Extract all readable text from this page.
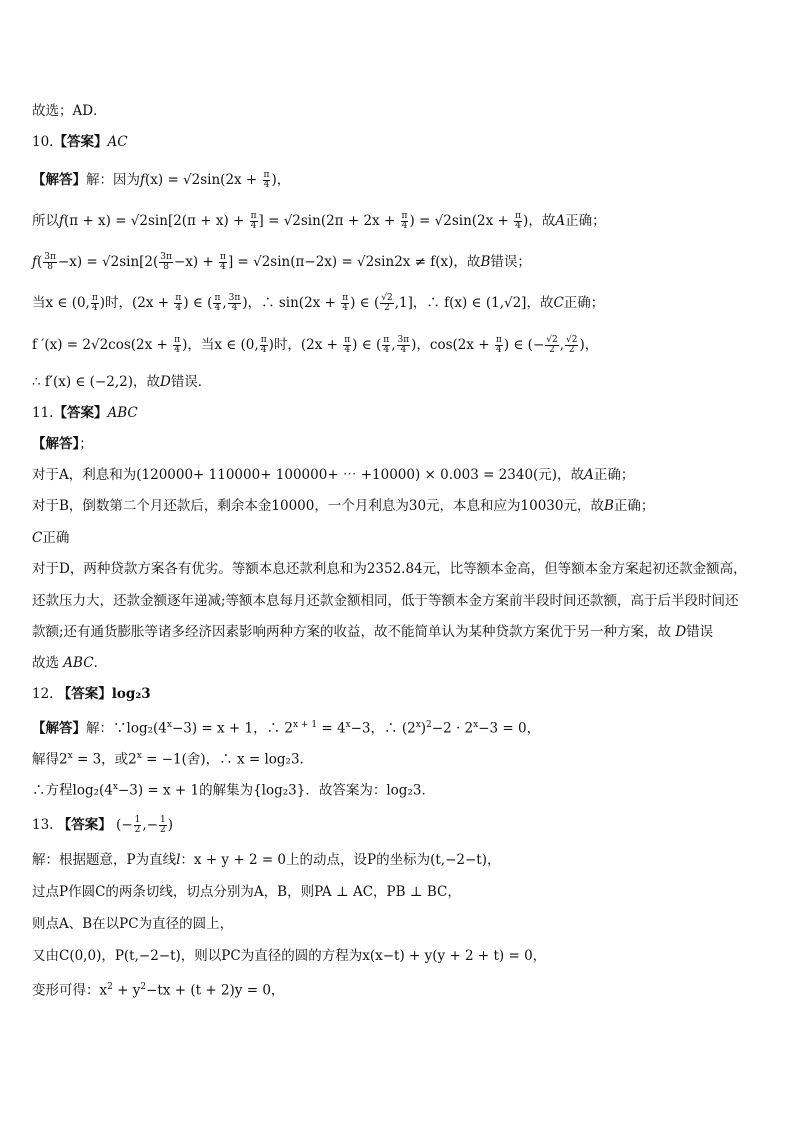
故选；AD．
10.【答案】AC
【解答】解：因为$f(x) = √2\sin(2x + \frac{\pi}{4}$ )，
所以$f(\pi + x) = √2\sin[2(\pi + x) + \frac{\pi}{4}$ ] = $√2\sin(2\pi + 2x + \frac{\pi}{4}$ ) = $√2\sin(2x + \frac{\pi}{4}$ )，故A正确；
$f( \frac{3\pi}{8} -x) = √2\sin[2( \frac{3\pi}{8} -x) + \frac{\pi}{4}$ ] = √2sin(π−2x) = √2sin2x ≠ f(x)，故B错误；
当x ∈ (0, $\frac{\pi}{4}$ )时，($2x + \frac{\pi}{4}$ ) ∈ ( $\frac{\pi}{4}$ , $\frac{3\pi}{4}$ )，∴ $\sin(2x + \frac{\pi}{4}$ ) ∈ ( $\frac{√2}{2} ,1$]，∴ f(x) ∈ (1,√2]，故C正确；
f $'(x) = 2√2\cos(2x + \frac{\pi}{4}$ )，当x ∈ (0, $\frac{\pi}{4}$ )时，($2x + \frac{\pi}{4}$ ) ∈ ( $\frac{\pi}{4}$ , $\frac{3\pi}{4}$ )，$\cos(2x + \frac{\pi}{4}$ ) ∈ (− $\frac{√2}{2}$ , $\frac{√2}{2}$ )，
∴ f′(x) ∈ (−2,2)，故D错误．
11.【答案】ABC
【解答】；
对于A，利息和为(120000+ 110000+ 100000+ ⋯ +10000) × 0.003 = 2340(元)，故A正确；
对于B，倒数第二个月还款后，剩余本金10000，一个月利息为30元，本息和应为10030元，故B正确；
C正确
对于D，两种贷款方案各有优劣。等额本息还款利息和为2352.84元，比等额本金高，但等额本金方案起初还款金额高，
还款压力大，还款金额逐年递减;等额本息每月还款金额相同，低于等额本金方案前半段时间还款额，高于后半段时间还
款额;还有通货膨胀等诸多经济因素影响两种方案的收益，故不能简单认为某种贷款方案优于另一种方案，故 D错误
故选 ABC.
12. 【答案】log₂3
【解答】解：$\because\log_2(4^x-3) = x + 1$，∴ $2^{x + 1} = 4^x-3$，∴ $(2^x)^2-2 \cdot 2^x-3 = 0$，
解得$2^x = 3$，或$2^x = -1$(舍)，∴ x = log₂3.
∴方程$\log_2(4^x-3) = x + 1$的解集为{log₂3}．故答案为：log₂3．
13. 【答案】 (− $\frac{1}{2}$ ,− $\frac{1}{2}$ )
解：根据题意，P为直线l：x + y + 2 = 0上的动点，设P的坐标为(t,−2−t)，
过点P作圆C的两条切线，切点分别为A，B，则PA ⊥ AC，PB ⊥ BC，
则点A、B在以PC为直径的圆上，
又由C(0,0)，P(t,−2−t)，则以PC为直径的圆的方程为x(x−t) + y(y + 2 + t) = 0，
变形可得：$x^2 + y^2-tx + (t + 2)y = 0$，
